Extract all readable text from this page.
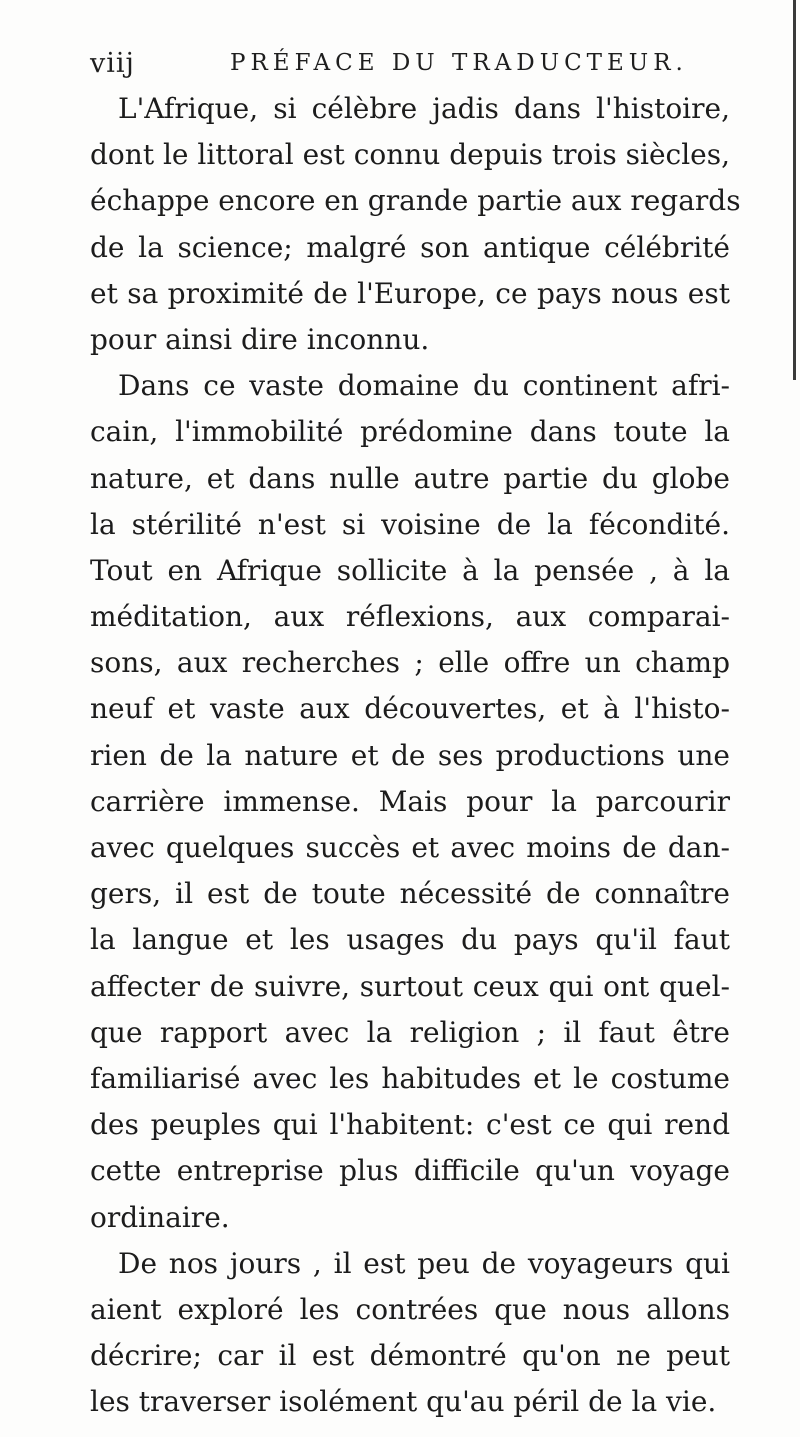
viij	PRÉFACE DU TRADUCTEUR.
L'Afrique, si célèbre jadis dans l'histoire,
dont le littoral est connu depuis trois siècles,
échappe encore en grande partie aux regards
de la science; malgré son antique célébrité
et sa proximité de l'Europe, ce pays nous est
pour ainsi dire inconnu.
Dans ce vaste domaine du continent afri-
cain, l'immobilité prédomine dans toute la
nature, et dans nulle autre partie du globe
la stérilité n'est si voisine de la fécondité.
Tout en Afrique sollicite à la pensée , à la
méditation, aux réflexions, aux comparai-
sons, aux recherches ; elle offre un champ
neuf et vaste aux découvertes, et à l'histo-
rien de la nature et de ses productions une
carrière immense. Mais pour la parcourir
avec quelques succès et avec moins de dan-
gers, il est de toute nécessité de connaître
la langue et les usages du pays qu'il faut
affecter de suivre, surtout ceux qui ont quel-
que rapport avec la religion ; il faut être
familiarisé avec les habitudes et le costume
des peuples qui l'habitent: c'est ce qui rend
cette entreprise plus difficile qu'un voyage
ordinaire.
De nos jours , il est peu de voyageurs qui
aient exploré les contrées que nous allons
décrire; car il est démontré qu'on ne peut
les traverser isolément qu'au péril de la vie.
